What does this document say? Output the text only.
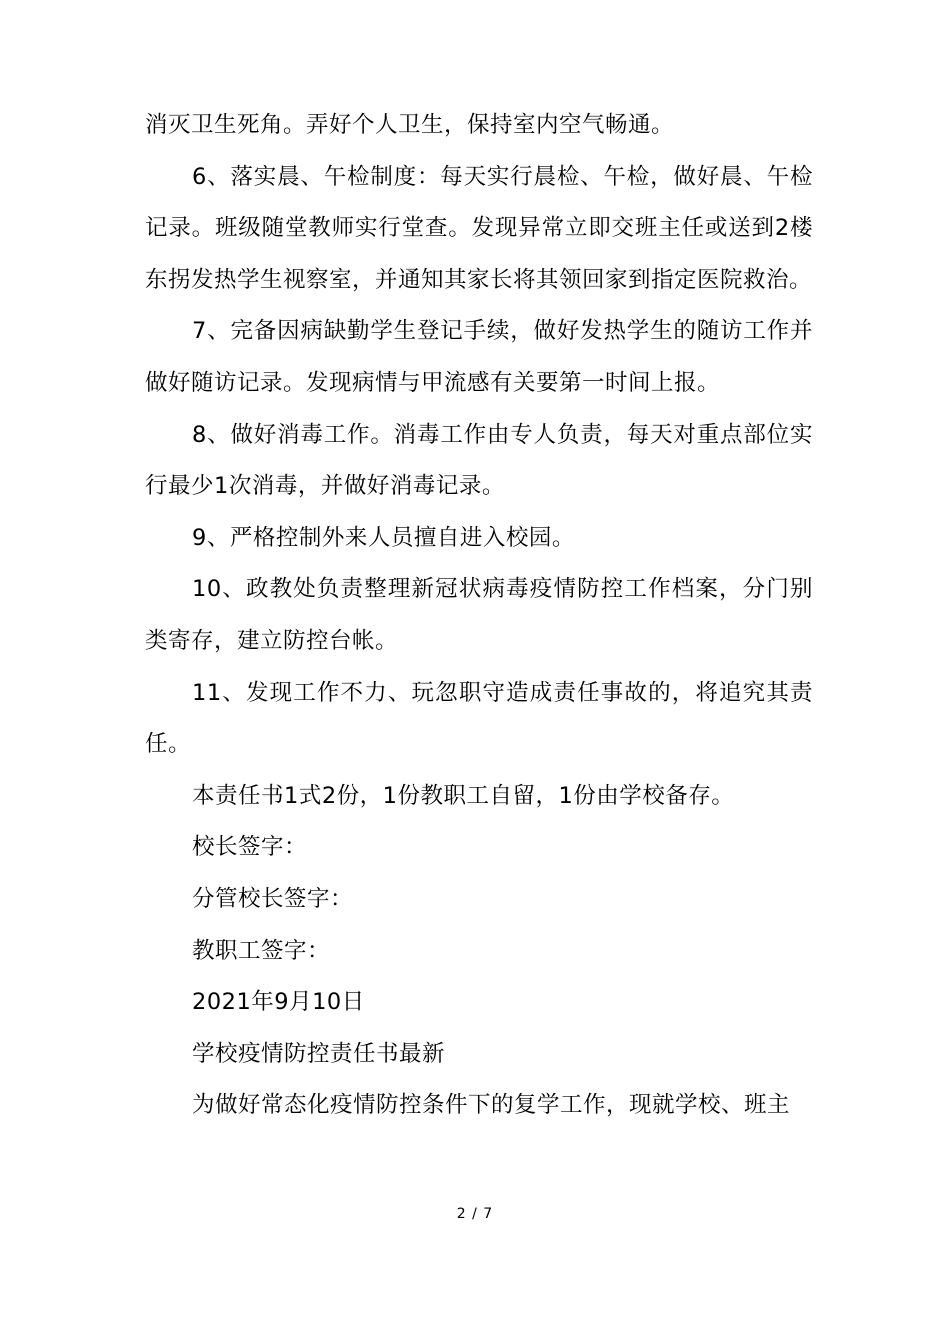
消灭卫生死角。弄好个人卫生，保持室内空气畅通。

6、落实晨、午检制度：每天实行晨检、午检，做好晨、午检记录。班级随堂教师实行堂查。发现异常立即交班主任或送到2楼东拐发热学生视察室，并通知其家长将其领回家到指定医院救治。

7、完备因病缺勤学生登记手续，做好发热学生的随访工作并做好随访记录。发现病情与甲流感有关要第一时间上报。

8、做好消毒工作。消毒工作由专人负责，每天对重点部位实行最少1次消毒，并做好消毒记录。

9、严格控制外来人员擅自进入校园。

10、政教处负责整理新冠状病毒疫情防控工作档案，分门别类寄存，建立防控台帐。

11、发现工作不力、玩忽职守造成责任事故的，将追究其责任。

本责任书1式2份，1份教职工自留，1份由学校备存。

校长签字：

分管校长签字：

教职工签字：

2021年9月10日

学校疫情防控责任书最新

为做好常态化疫情防控条件下的复学工作，现就学校、班主

2 / 7
